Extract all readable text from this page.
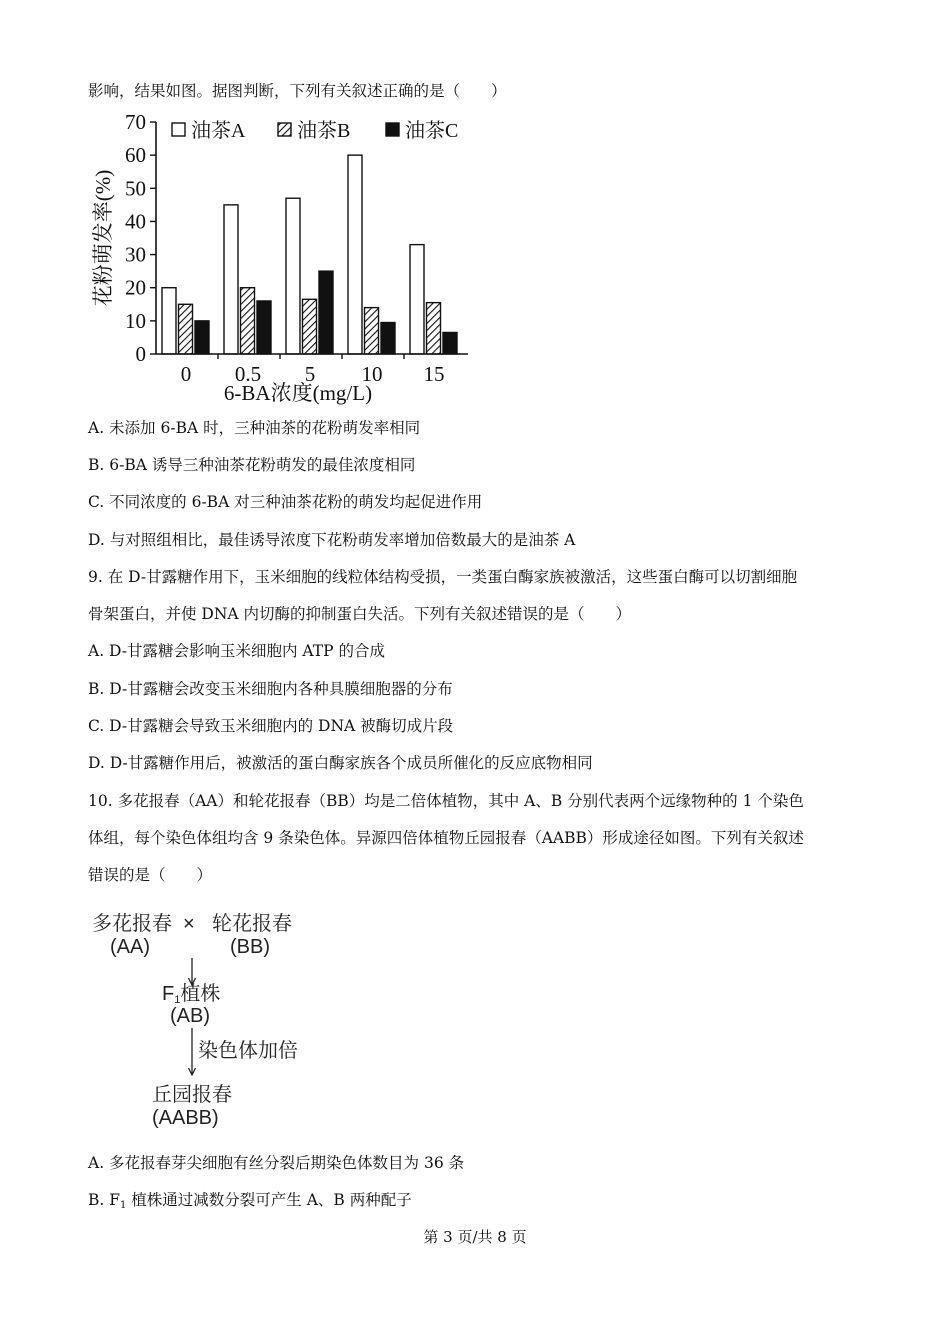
影响，结果如图。据图判断，下列有关叙述正确的是（　　）
0
10
20
30
40
50
60
70
0 0.5 5 10 15
油茶A	油茶B	油茶C
6-BA浓度(mg/L)
花粉萌发率(%)
A. 未添加 6-BA 时，三种油茶的花粉萌发率相同
B. 6-BA 诱导三种油茶花粉萌发的最佳浓度相同
C. 不同浓度的 6-BA 对三种油茶花粉的萌发均起促进作用
D. 与对照组相比，最佳诱导浓度下花粉萌发率增加倍数最大的是油茶 A
9. 在 D-甘露糖作用下，玉米细胞的线粒体结构受损，一类蛋白酶家族被激活，这些蛋白酶可以切割细胞
骨架蛋白，并使 DNA 内切酶的抑制蛋白失活。下列有关叙述错误的是（　　）
A. D-甘露糖会影响玉米细胞内 ATP 的合成
B. D-甘露糖会改变玉米细胞内各种具膜细胞器的分布
C. D-甘露糖会导致玉米细胞内的 DNA 被酶切成片段
D. D-甘露糖作用后，被激活的蛋白酶家族各个成员所催化的反应底物相同
10. 多花报春（AA）和轮花报春（BB）均是二倍体植物，其中 A、B 分别代表两个远缘物种的 1 个染色
体组，每个染色体组均含 9 条染色体。异源四倍体植物丘园报春（AABB）形成途径如图。下列有关叙述
错误的是（　　）
多花报春 × 轮花报春
(AA)	(BB)
$F_1$植株
(AB)
染色体加倍
丘园报春
(AABB)
A. 多花报春芽尖细胞有丝分裂后期染色体数目为 36 条
B. $F_1$ 植株通过减数分裂可产生 A、B 两种配子
第 3 页/共 8 页
